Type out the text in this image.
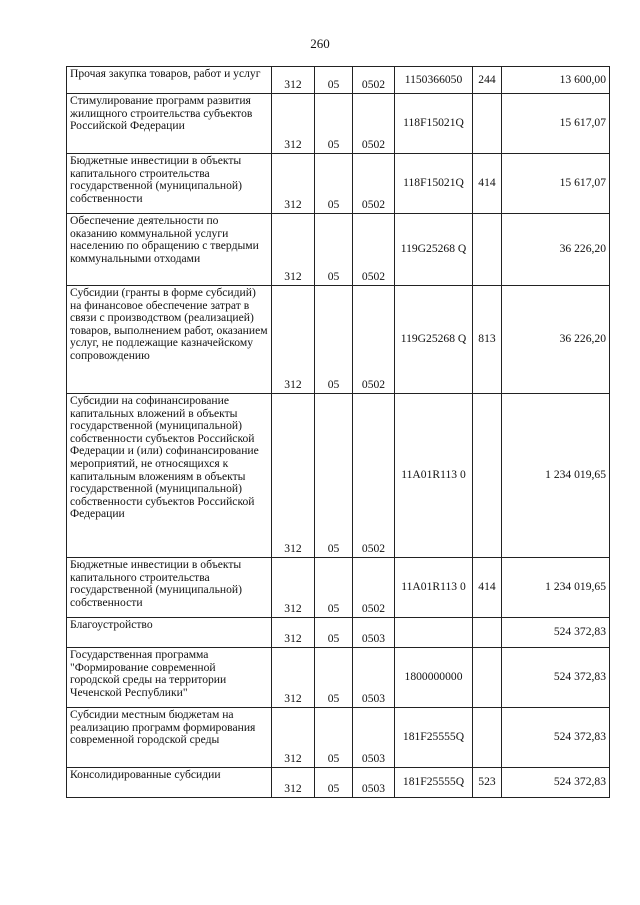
260
Прочая закупка товаров, работ и услуг	312	05	0502	1150366050	244	13 600,00
Стимулирование программ развития жилищного строительства субъектов Российской Федерации	312	05	0502	118F15021Q		15 617,07
Бюджетные инвестиции в объекты капитального строительства государственной (муниципальной) собственности	312	05	0502	118F15021Q	414	15 617,07
Обеспечение деятельности по оказанию коммунальной услуги населению по обращению с твердыми коммунальными отходами	312	05	0502	119G25268 Q		36 226,20
Субсидии (гранты в форме субсидий) на финансовое обеспечение затрат в связи с производством (реализацией) товаров, выполнением работ, оказанием услуг, не подлежащие казначейскому сопровождению	312	05	0502	119G25268 Q	813	36 226,20
Субсидии на софинансирование капитальных вложений в объекты государственной (муниципальной) собственности субъектов Российской Федерации и (или) софинансирование мероприятий, не относящихся к капитальным вложениям в объекты государственной (муниципальной) собственности субъектов Российской Федерации	312	05	0502	11A01R113 0		1 234 019,65
Бюджетные инвестиции в объекты капитального строительства государственной (муниципальной) собственности	312	05	0502	11A01R113 0	414	1 234 019,65
Благоустройство	312	05	0503			524 372,83
Государственная программа "Формирование современной городской среды на территории Чеченской Республики"	312	05	0503	1800000000		524 372,83
Субсидии местным бюджетам на реализацию программ формирования современной городской среды	312	05	0503	181F25555Q		524 372,83
Консолидированные субсидии	312	05	0503	181F25555Q	523	524 372,83
